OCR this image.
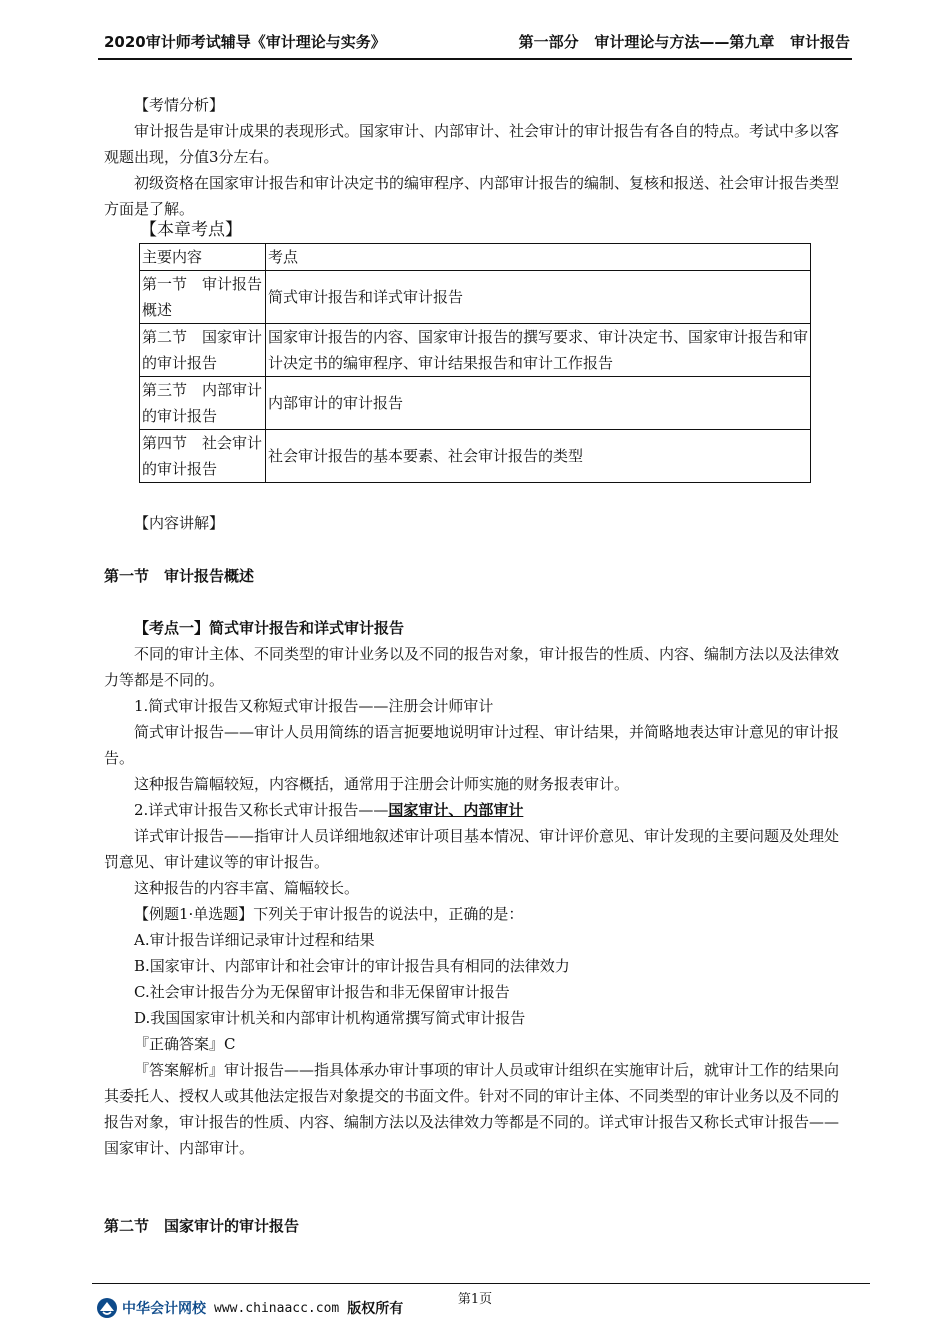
2020审计师考试辅导《审计理论与实务》	第一部分   审计理论与方法——第九章   审计报告

【考情分析】

审计报告是审计成果的表现形式。国家审计、内部审计、社会审计的审计报告有各自的特点。考试中多以客观题出现，分值3分左右。

初级资格在国家审计报告和审计决定书的编审程序、内部审计报告的编制、复核和报送、社会审计报告类型方面是了解。

【本章考点】
主要内容	考点
第一节　审计报告概述	简式审计报告和详式审计报告
第二节　国家审计的审计报告	国家审计报告的内容、国家审计报告的撰写要求、审计决定书、国家审计报告和审计决定书的编审程序、审计结果报告和审计工作报告
第三节　内部审计的审计报告	内部审计的审计报告
第四节　社会审计的审计报告	社会审计报告的基本要素、社会审计报告的类型

【内容讲解】

第一节　审计报告概述

【考点一】简式审计报告和详式审计报告

不同的审计主体、不同类型的审计业务以及不同的报告对象，审计报告的性质、内容、编制方法以及法律效力等都是不同的。

1.简式审计报告又称短式审计报告——注册会计师审计

简式审计报告——审计人员用简练的语言扼要地说明审计过程、审计结果，并简略地表达审计意见的审计报告。

这种报告篇幅较短，内容概括，通常用于注册会计师实施的财务报表审计。

2.详式审计报告又称长式审计报告——国家审计、内部审计

详式审计报告——指审计人员详细地叙述审计项目基本情况、审计评价意见、审计发现的主要问题及处理处罚意见、审计建议等的审计报告。

这种报告的内容丰富、篇幅较长。

【例题1·单选题】下列关于审计报告的说法中，正确的是：

A.审计报告详细记录审计过程和结果

B.国家审计、内部审计和社会审计的审计报告具有相同的法律效力

C.社会审计报告分为无保留审计报告和非无保留审计报告

D.我国国家审计机关和内部审计机构通常撰写简式审计报告

『正确答案』C

『答案解析』审计报告——指具体承办审计事项的审计人员或审计组织在实施审计后，就审计工作的结果向其委托人、授权人或其他法定报告对象提交的书面文件。针对不同的审计主体、不同类型的审计业务以及不同的报告对象，审计报告的性质、内容、编制方法以及法律效力等都是不同的。详式审计报告又称长式审计报告——国家审计、内部审计。

第二节　国家审计的审计报告
第1页
中华会计网校 www.chinaacc.com 版权所有
